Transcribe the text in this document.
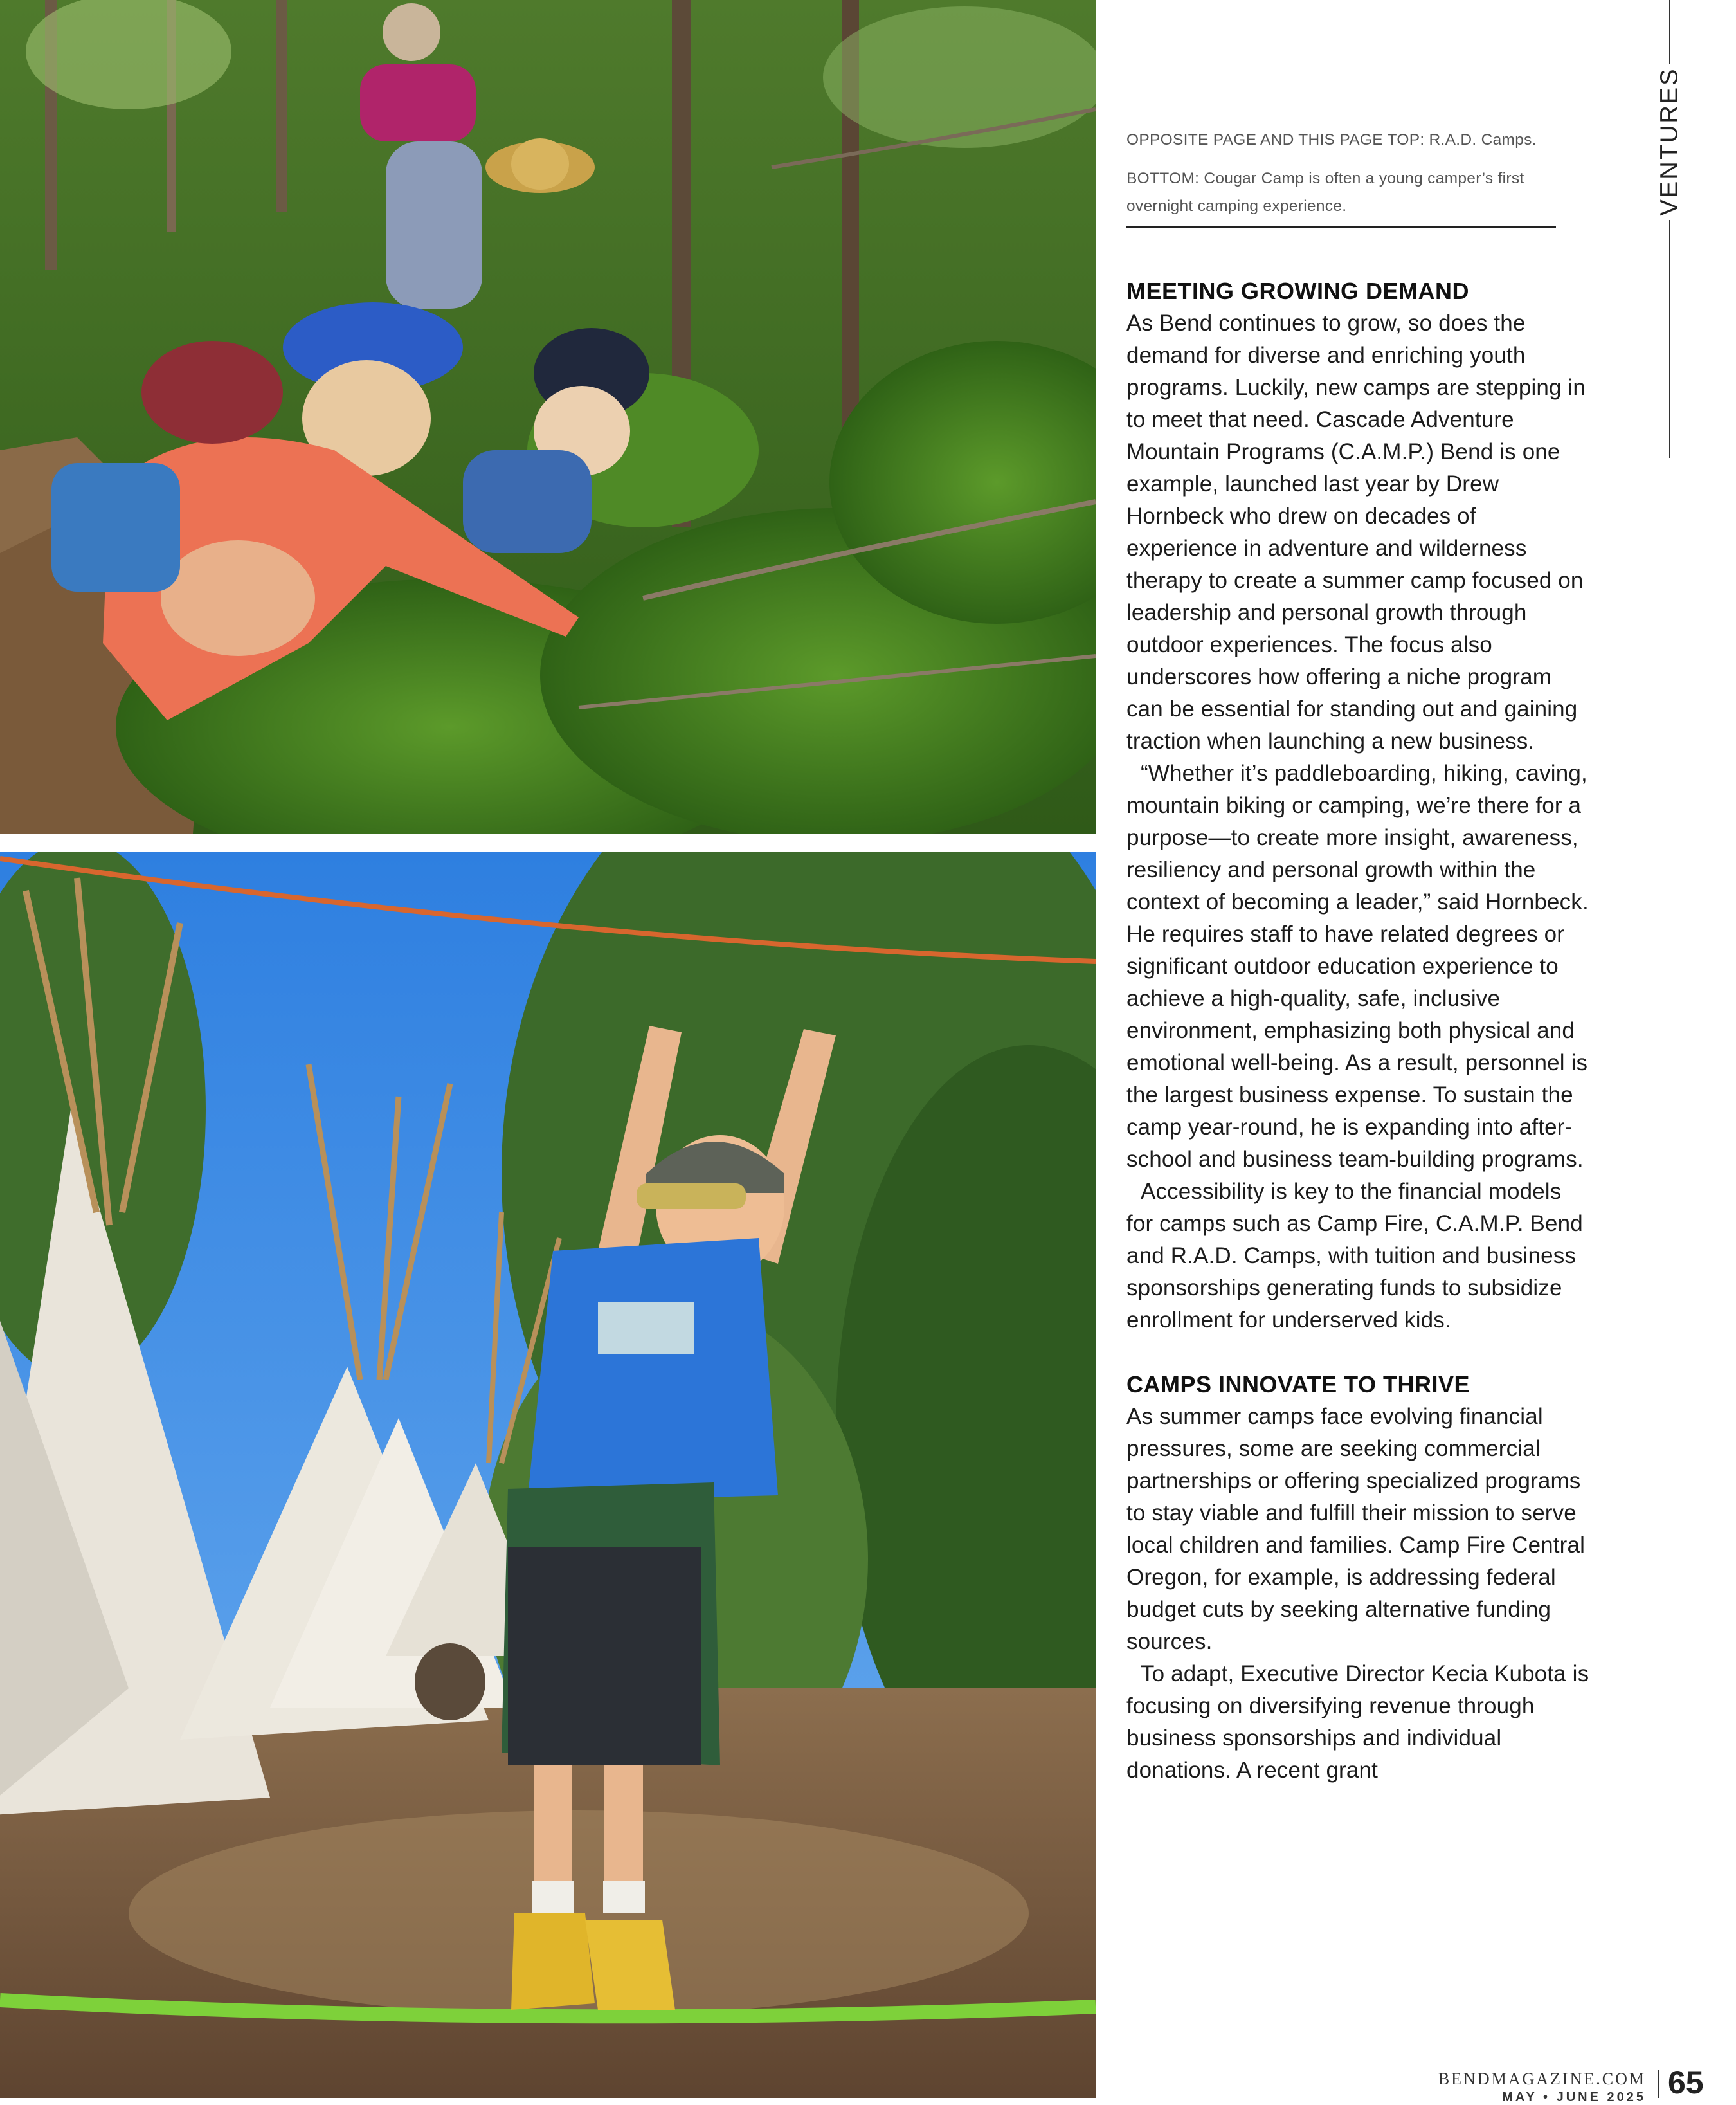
VENTURES

OPPOSITE PAGE AND THIS PAGE TOP: R.A.D. Camps.

BOTTOM: Cougar Camp is often a young camper’s first overnight camping experience.

MEETING GROWING DEMAND

As Bend continues to grow, so does the demand for diverse and enriching youth programs. Luckily, new camps are stepping in to meet that need. Cascade Adventure Mountain Programs (C.A.M.P.) Bend is one example, launched last year by Drew Hornbeck who drew on decades of experience in adventure and wilderness therapy to create a summer camp focused on leadership and personal growth through outdoor experiences. The focus also underscores how offering a niche program can be essential for standing out and gaining traction when launching a new business.

“Whether it’s paddleboarding, hiking, caving, mountain biking or camping, we’re there for a purpose—to create more insight, awareness, resiliency and personal growth within the context of becoming a leader,” said Hornbeck. He requires staff to have related degrees or significant outdoor education experience to achieve a high-quality, safe, inclusive environment, emphasizing both physical and emotional well-being. As a result, personnel is the largest business expense. To sustain the camp year-round, he is expanding into after-school and business team-building programs.

Accessibility is key to the financial models for camps such as Camp Fire, C.A.M.P. Bend and R.A.D. Camps, with tuition and business sponsorships generating funds to subsidize enrollment for underserved kids.

CAMPS INNOVATE TO THRIVE

As summer camps face evolving financial pressures, some are seeking commercial partnerships or offering specialized programs to stay viable and fulfill their mission to serve local children and families. Camp Fire Central Oregon, for example, is addressing federal budget cuts by seeking alternative funding sources.

To adapt, Executive Director Kecia Kubota is focusing on diversifying revenue through business sponsorships and individual donations. A recent grant

BENDMAGAZINE.COM
MAY • JUNE 2025 65
